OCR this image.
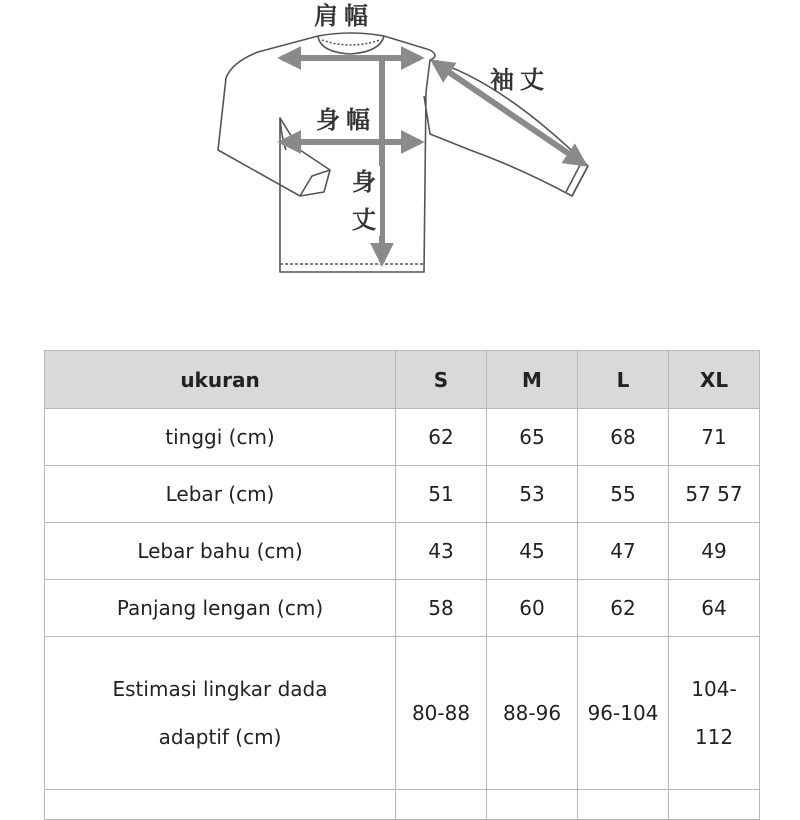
肩幅
袖丈
身幅
身
丈
ukuran	S	M	L	XL
tinggi (cm)	62	65	68	71
Lebar (cm)	51	53	55	57 57
Lebar bahu (cm)	43	45	47	49
Panjang lengan (cm)	58	60	62	64
Estimasi lingkar dada adaptif (cm)	80-88	88-96	96-104	104-112
